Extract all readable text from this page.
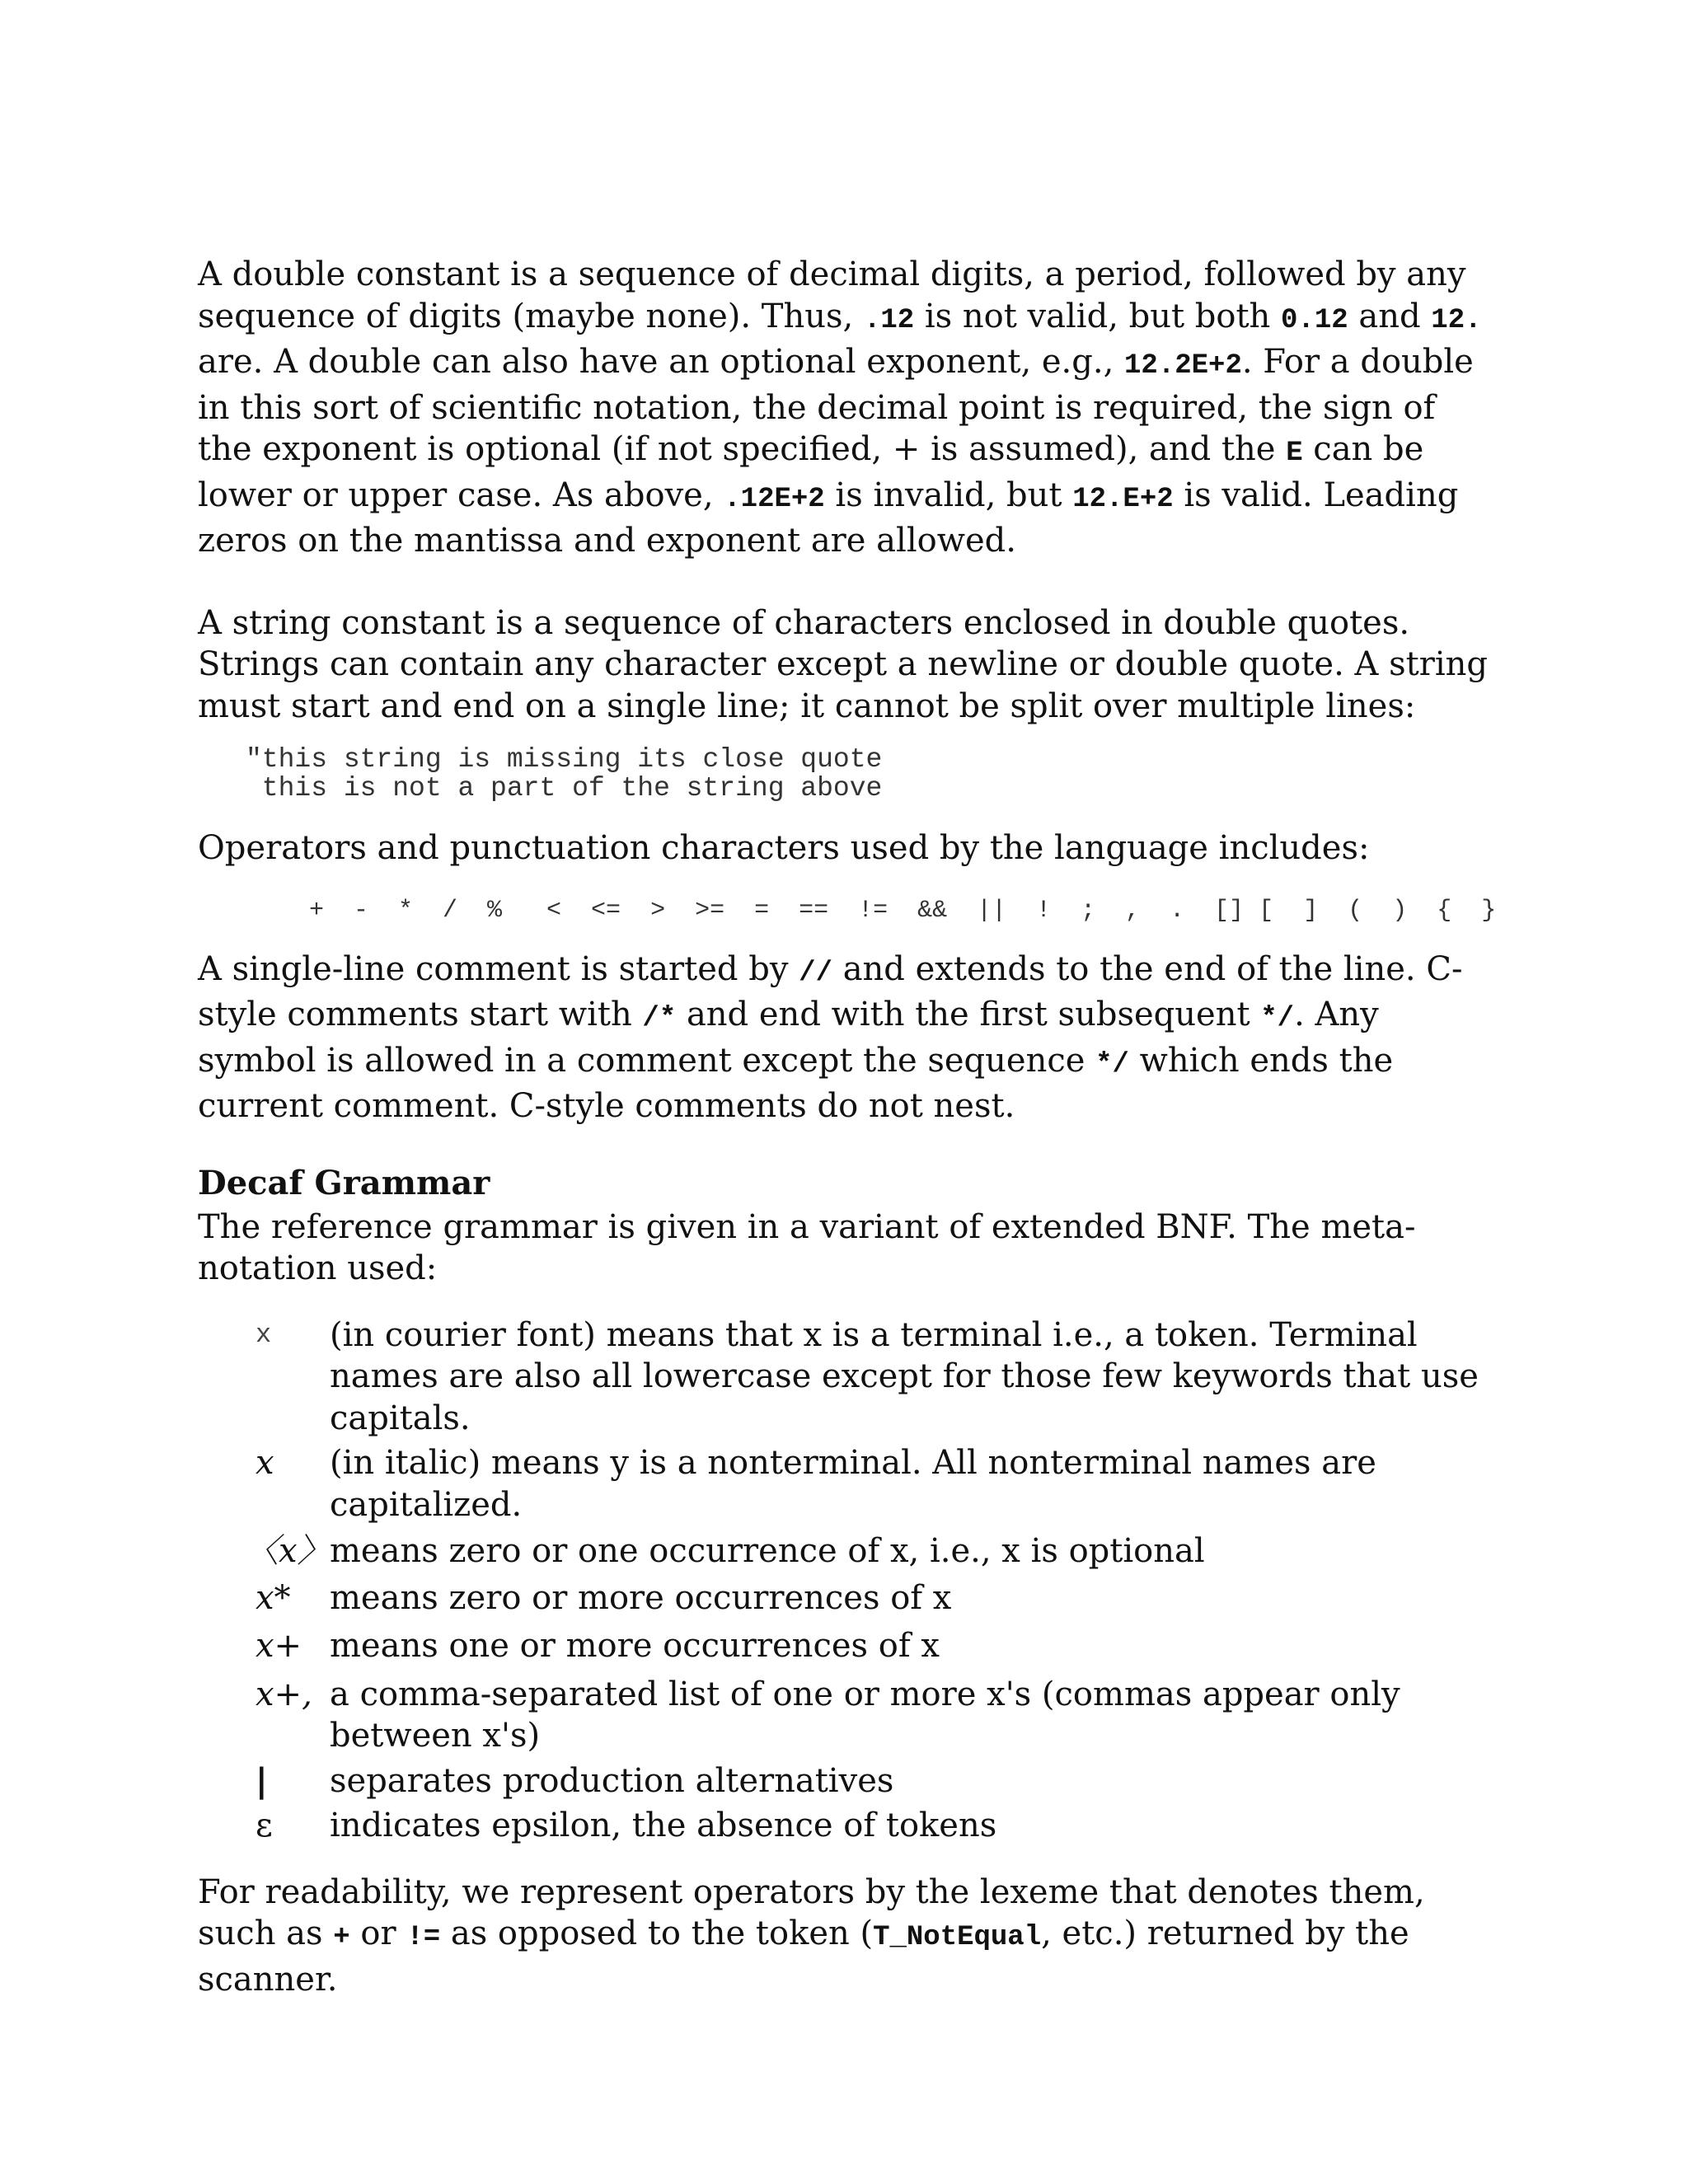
A double constant is a sequence of decimal digits, a period, followed by any sequence of digits (maybe none). Thus, .12 is not valid, but both 0.12 and 12. are. A double can also have an optional exponent, e.g., 12.2E+2. For a double in this sort of scientific notation, the decimal point is required, the sign of the exponent is optional (if not specified, + is assumed), and the E can be lower or upper case. As above, .12E+2 is invalid, but 12.E+2 is valid. Leading zeros on the mantissa and exponent are allowed.

A string constant is a sequence of characters enclosed in double quotes. Strings can contain any character except a newline or double quote. A string must start and end on a single line; it cannot be split over multiple lines:

"this string is missing its close quote
this is not a part of the string above

Operators and punctuation characters used by the language includes:

+  -  *  /  %   <  <=  >  >=  =  ==  !=  &&  ||  !  ;  ,  .  [] [  ]  (  )  {  }

A single-line comment is started by // and extends to the end of the line. C-style comments start with /* and end with the first subsequent */. Any symbol is allowed in a comment except the sequence */ which ends the current comment. C-style comments do not nest.

Decaf Grammar

The reference grammar is given in a variant of extended BNF. The meta-notation used:

x	(in courier font) means that x is a terminal i.e., a token. Terminal names are also all lowercase except for those few keywords that use capitals.
x	(in italic) means y is a nonterminal. All nonterminal names are capitalized.
〈x〉 means zero or one occurrence of x, i.e., x is optional
x*	means zero or more occurrences of x
x+ means one or more occurrences of x
x+, a comma-separated list of one or more x's (commas appear only between x's)
|	separates production alternatives
ε	indicates epsilon, the absence of tokens

For readability, we represent operators by the lexeme that denotes them, such as + or != as opposed to the token (T_NotEqual, etc.) returned by the scanner.
